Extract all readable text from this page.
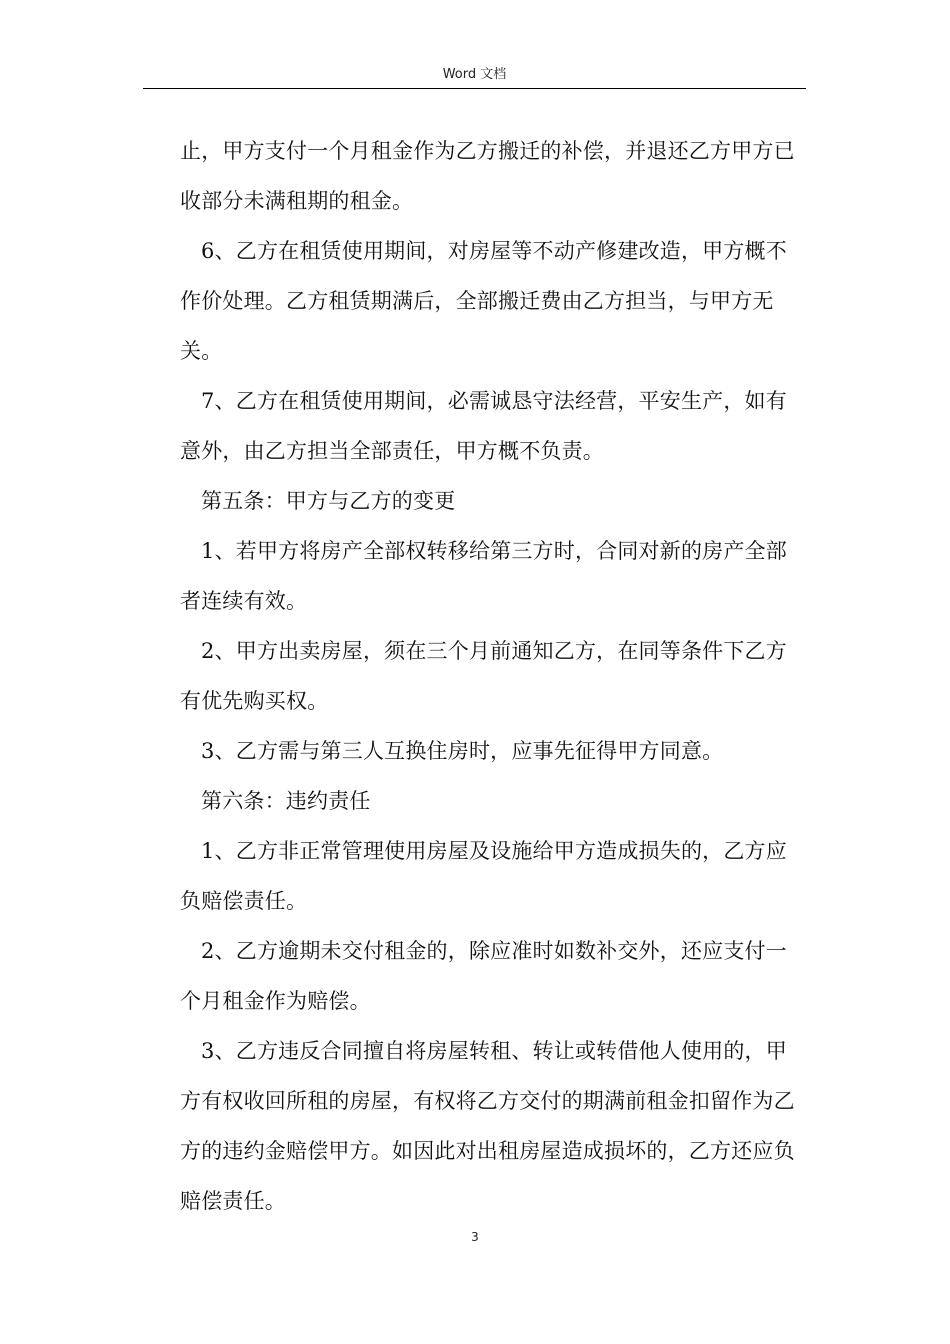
Word 文档

止，甲方支付一个月租金作为乙方搬迁的补偿，并退还乙方甲方已收部分未满租期的租金。

6、乙方在租赁使用期间，对房屋等不动产修建改造，甲方概不作价处理。乙方租赁期满后，全部搬迁费由乙方担当，与甲方无关。

7、乙方在租赁使用期间，必需诚恳守法经营，平安生产，如有意外，由乙方担当全部责任，甲方概不负责。

第五条：甲方与乙方的变更

1、若甲方将房产全部权转移给第三方时，合同对新的房产全部者连续有效。

2、甲方出卖房屋，须在三个月前通知乙方，在同等条件下乙方有优先购买权。

3、乙方需与第三人互换住房时，应事先征得甲方同意。

第六条：违约责任

1、乙方非正常管理使用房屋及设施给甲方造成损失的，乙方应负赔偿责任。

2、乙方逾期未交付租金的，除应准时如数补交外，还应支付一个月租金作为赔偿。

3、乙方违反合同擅自将房屋转租、转让或转借他人使用的，甲方有权收回所租的房屋，有权将乙方交付的期满前租金扣留作为乙方的违约金赔偿甲方。如因此对出租房屋造成损坏的，乙方还应负赔偿责任。

3
